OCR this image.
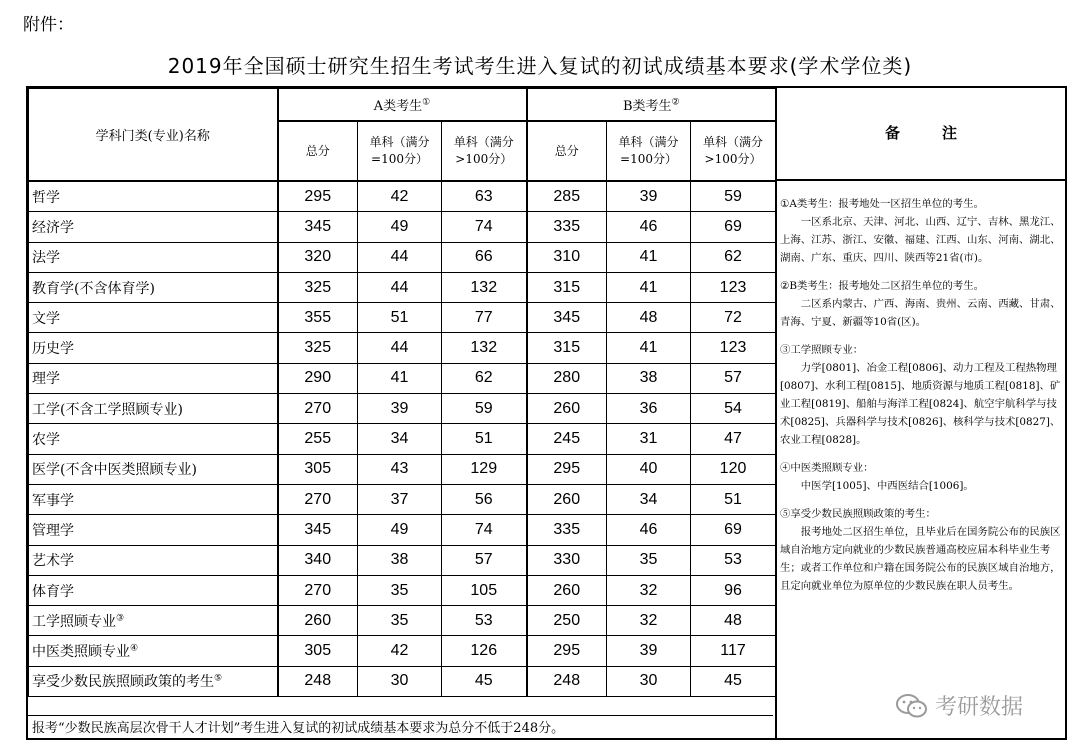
附件：
2019年全国硕士研究生招生考试考生进入复试的初试成绩基本要求(学术学位类)
学科门类(专业)名称	A类考生①			B类考生②
	总分	单科（满分=100分）	单科（满分>100分）	总分	单科（满分=100分）	单科（满分>100分）
哲学	295	42	63	285	39	59
经济学	345	49	74	335	46	69
法学	320	44	66	310	41	62
教育学(不含体育学)	325	44	132	315	41	123
文学	355	51	77	345	48	72
历史学	325	44	132	315	41	123
理学	290	41	62	280	38	57
工学(不含工学照顾专业)	270	39	59	260	36	54
农学	255	34	51	245	31	47
医学(不含中医类照顾专业)	305	43	129	295	40	120
军事学	270	37	56	260	34	51
管理学	345	49	74	335	46	69
艺术学	340	38	57	330	35	53
体育学	270	35	105	260	32	96
工学照顾专业③	260	35	53	250	32	48
中医类照顾专业④	305	42	126	295	39	117
享受少数民族照顾政策的考生⑤	248	30	45	248	30	45
报考“少数民族高层次骨干人才计划”考生进入复试的初试成绩基本要求为总分不低于248分。
备	注

①A类考生：报考地处一区招生单位的考生。

一区系北京、天津、河北、山西、辽宁、吉林、黑龙江、上海、江苏、浙江、安徽、福建、江西、山东、河南、湖北、湖南、广东、重庆、四川、陕西等21省(市)。

②B类考生：报考地处二区招生单位的考生。

二区系内蒙古、广西、海南、贵州、云南、西藏、甘肃、青海、宁夏、新疆等10省(区)。

③工学照顾专业：

力学[0801]、冶金工程[0806]、动力工程及工程热物理[0807]、水利工程[0815]、地质资源与地质工程[0818]、矿业工程[0819]、船舶与海洋工程[0824]、航空宇航科学与技术[0825]、兵器科学与技术[0826]、核科学与技术[0827]、农业工程[0828]。

④中医类照顾专业：

中医学[1005]、中西医结合[1006]。

⑤享受少数民族照顾政策的考生：

报考地处二区招生单位，且毕业后在国务院公布的民族区域自治地方定向就业的少数民族普通高校应届本科毕业生考生；或者工作单位和户籍在国务院公布的民族区域自治地方，且定向就业单位为原单位的少数民族在职人员考生。

考研数据
